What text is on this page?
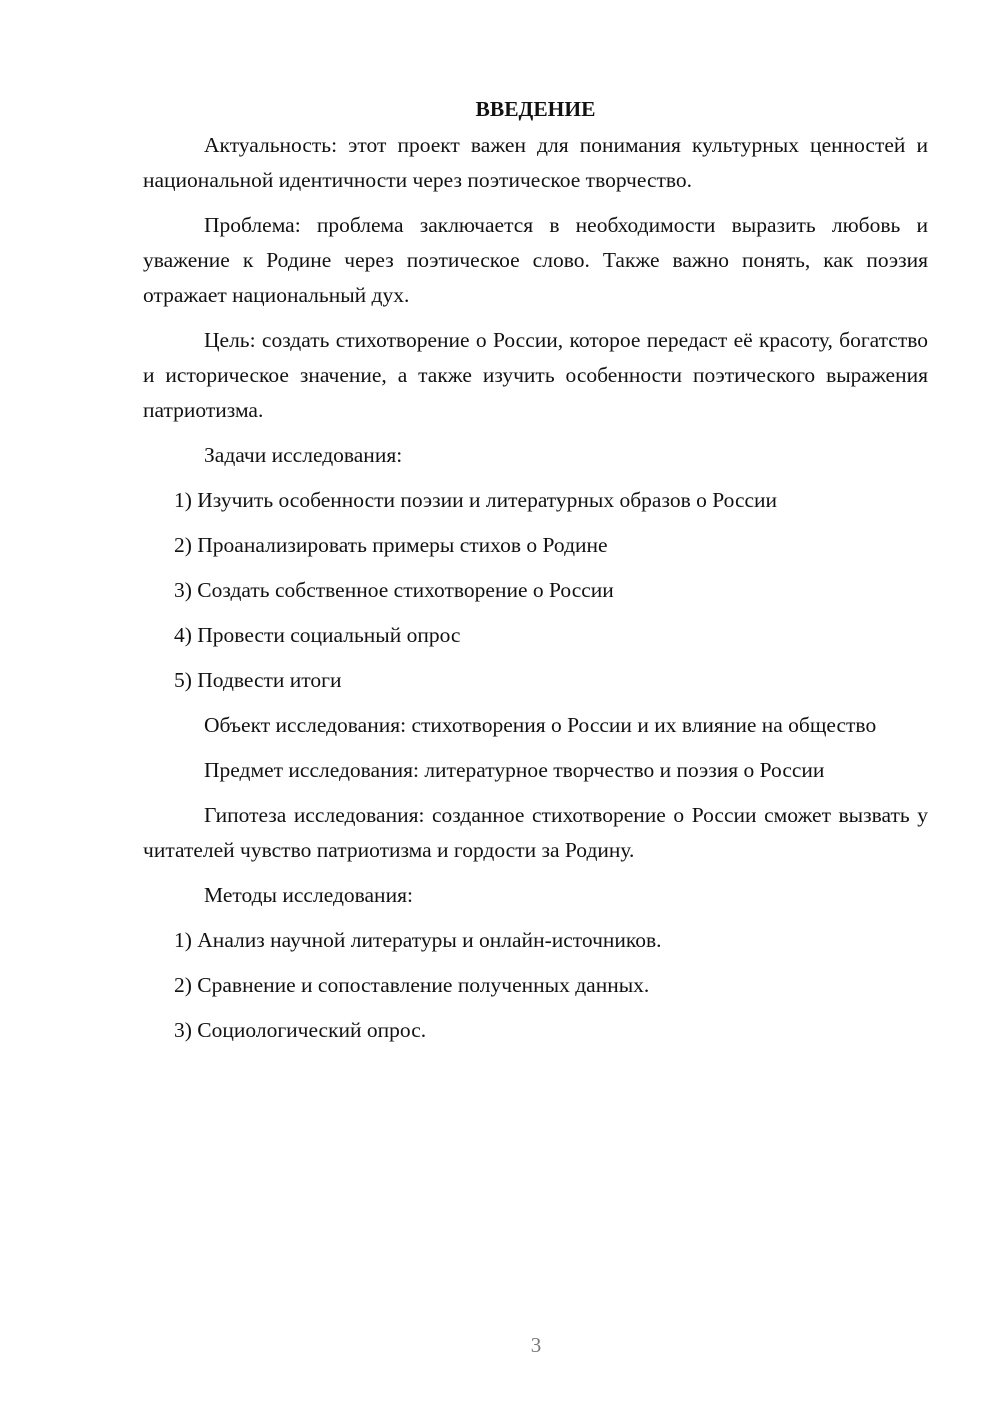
ВВЕДЕНИЕ

Актуальность: этот проект важен для понимания культурных ценностей и национальной идентичности через поэтическое творчество.

Проблема: проблема заключается в необходимости выразить любовь и уважение к Родине через поэтическое слово. Также важно понять, как поэзия отражает национальный дух.

Цель: создать стихотворение о России, которое передаст её красоту, богатство и историческое значение, а также изучить особенности поэтического выражения патриотизма.

Задачи исследования:

1) Изучить особенности поэзии и литературных образов о России

2) Проанализировать примеры стихов о Родине

3) Создать собственное стихотворение о России

4) Провести социальный опрос

5) Подвести итоги

Объект исследования: стихотворения о России и их влияние на общество

Предмет исследования: литературное творчество и поэзия о России

Гипотеза исследования: созданное стихотворение о России сможет вызвать у читателей чувство патриотизма и гордости за Родину.

Методы исследования:

1) Анализ научной литературы и онлайн-источников.

2) Сравнение и сопоставление полученных данных.

3) Социологический опрос.

3
